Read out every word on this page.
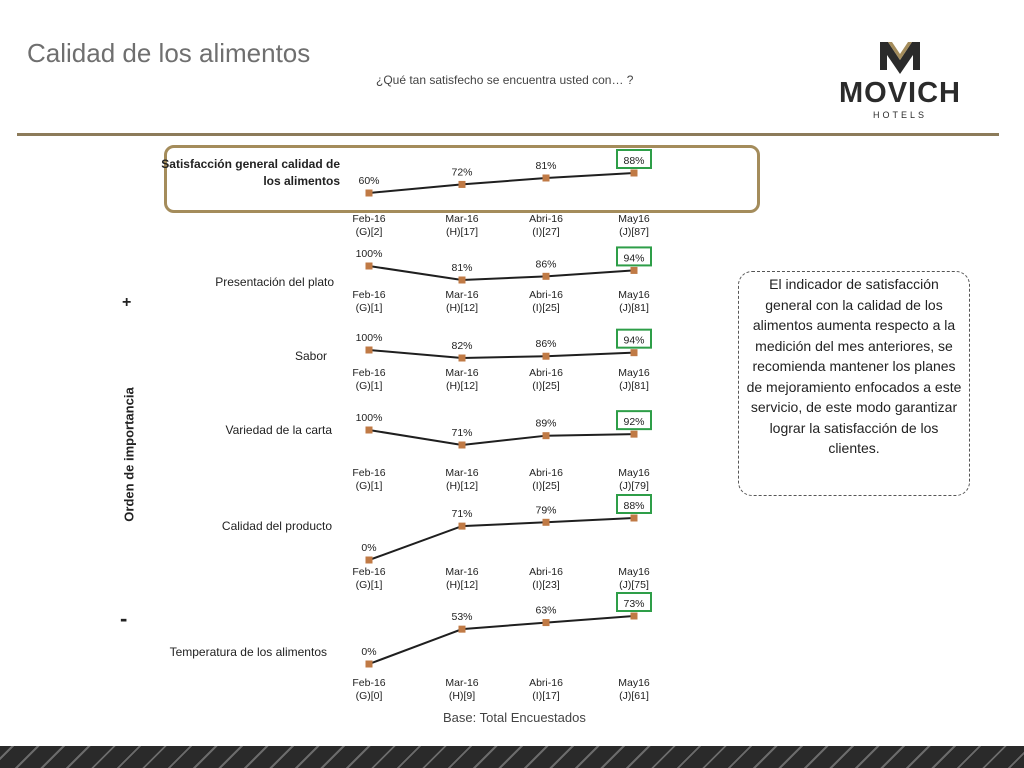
Calidad de los alimentos
¿Qué tan satisfecho se encuentra usted con… ?	MOVICH
HOTELS
+
Orden de importancia
-
Satisfacción general calidad de los alimentos
Presentación del plato
Sabor
Variedad de la carta
Calidad del producto
Temperatura de los alimentos
60%
Feb-16
(G)[2]
72%
Mar-16
(H)[17]
81%
Abri-16
(I)[27]
88%
May16
(J)[87]
100%
Feb-16
(G)[1]
81%
Mar-16
(H)[12]
86%
Abri-16
(I)[25]
94%
May16
(J)[81]
100%
Feb-16
(G)[1]
82%
Mar-16
(H)[12]
86%
Abri-16
(I)[25]
94%
May16
(J)[81]
100%
Feb-16
(G)[1]
71%
Mar-16
(H)[12]
89%
Abri-16
(I)[25]
92%
May16
(J)[79]
0%
Feb-16
(G)[1]
71%
Mar-16
(H)[12]
79%
Abri-16
(I)[23]
88%
May16
(J)[75]
0%
Feb-16
(G)[0]
53%
Mar-16
(H)[9]
63%
Abri-16
(I)[17]
73%
May16
(J)[61]
El indicador de satisfacción general con la calidad de los alimentos aumenta respecto a la medición del mes anteriores, se recomienda mantener los planes de mejoramiento enfocados a este servicio, de este modo garantizar lograr la satisfacción de los clientes.
Base: Total Encuestados
